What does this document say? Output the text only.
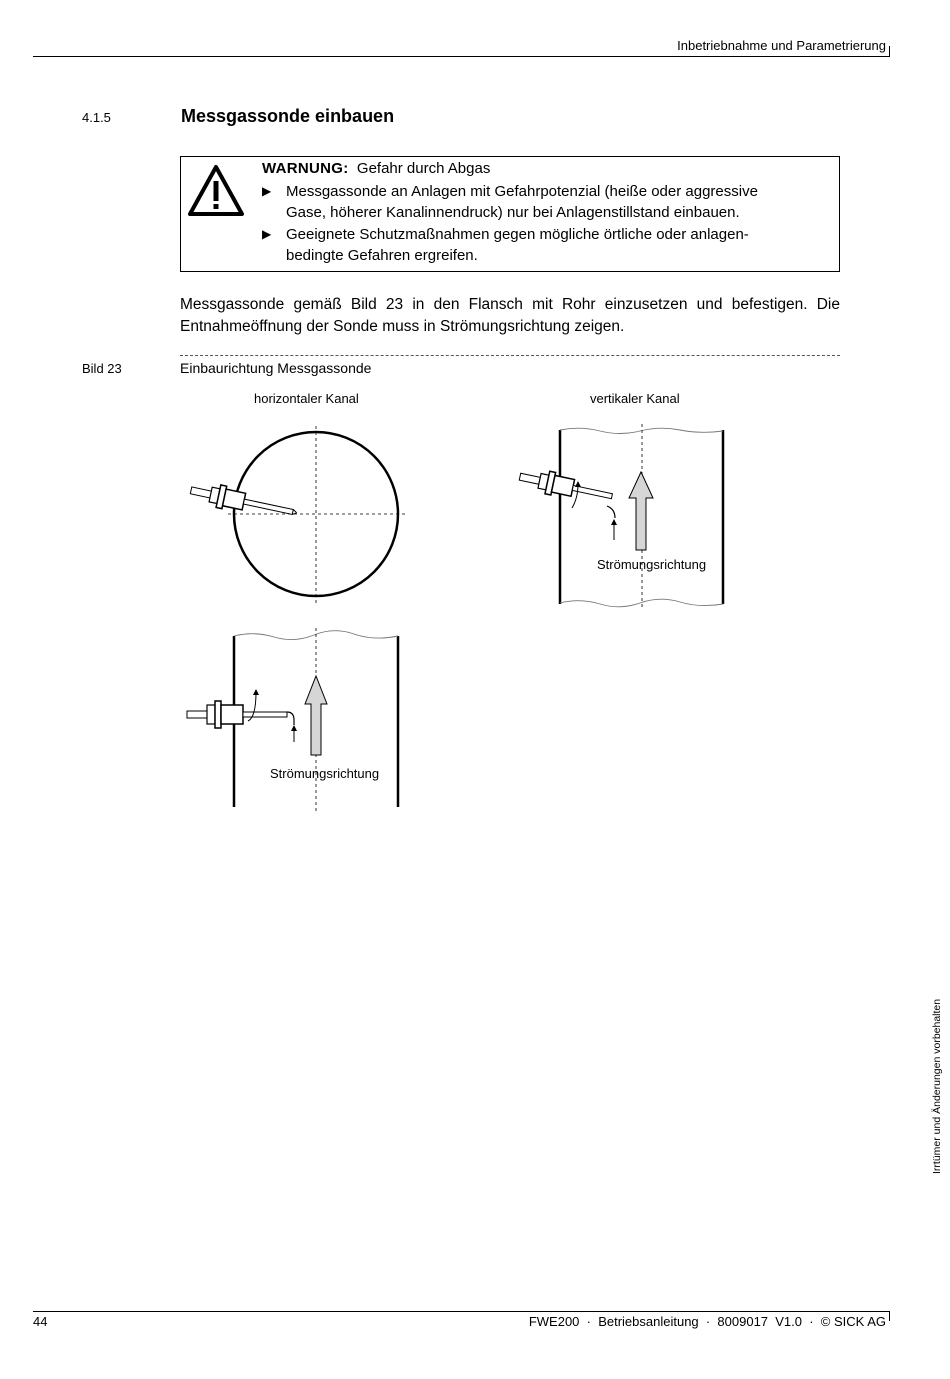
Inbetriebnahme und Parametrierung
4.1.5	Messgassonde einbauen
WARNUNG: Gefahr durch Abgas
▶ Messgassonde an Anlagen mit Gefahrpotenzial (heiße oder aggressive
Gase, höherer Kanalinnendruck) nur bei Anlagenstillstand einbauen.
▶ Geeignete Schutzmaßnahmen gegen mögliche örtliche oder anlagen-
bedingte Gefahren ergreifen.
Messgassonde gemäß Bild 23 in den Flansch mit Rohr einzusetzen und befestigen. Die Entnahmeöffnung der Sonde muss in Strömungsrichtung zeigen.
Bild 23	Einbaurichtung Messgassonde
horizontaler Kanal	vertikaler Kanal
Strömungsrichtung
Strömungsrichtung
Irrtümer und Änderungen vorbehalten
44	FWE200  ·  Betriebsanleitung  ·  8009017  V1.0  ·  © SICK AG
